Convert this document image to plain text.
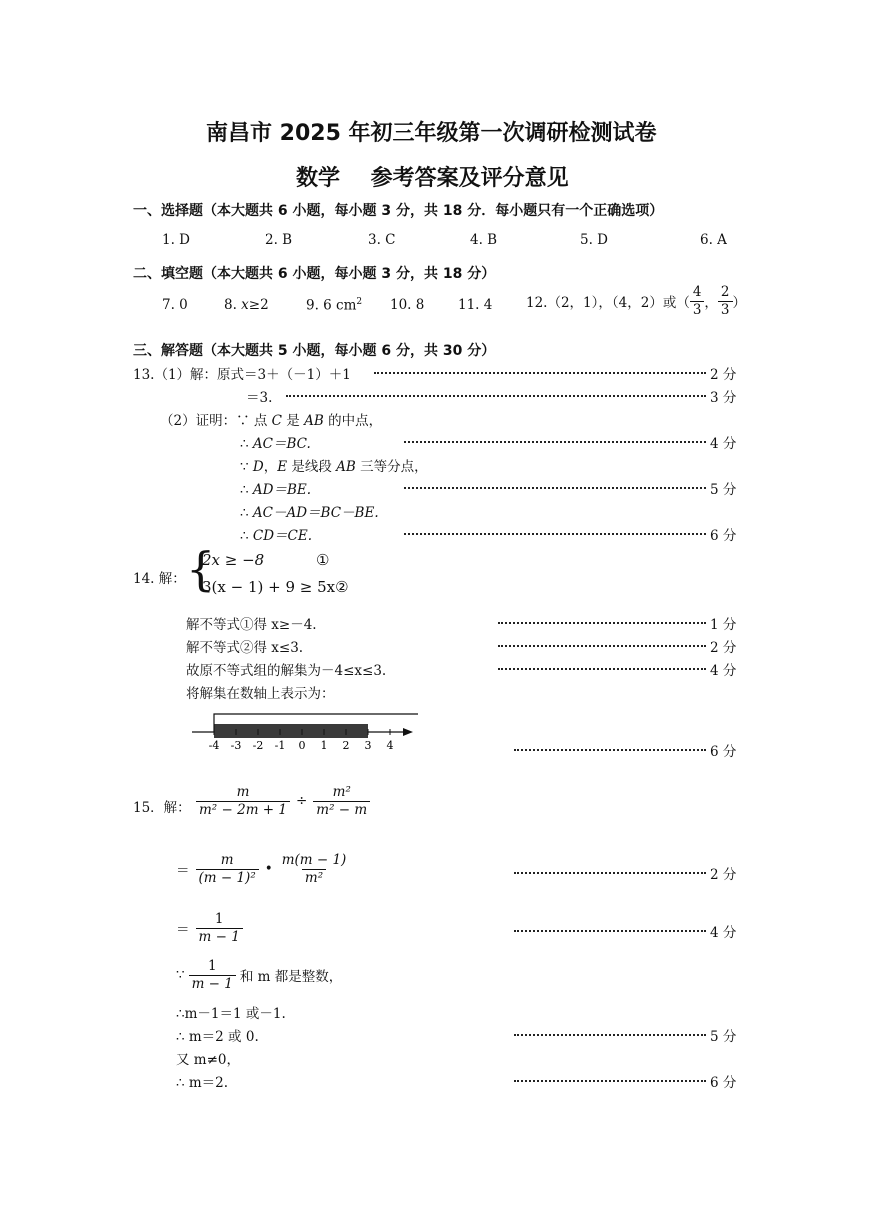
南昌市 2025 年初三年级第一次调研检测试卷
数学    参考答案及评分意见
一、选择题（本大题共 6 小题，每小题 3 分，共 18 分．每小题只有一个正确选项）
1. D	2. B	3. C	4. B	5. D	6. A
二、填空题（本大题共 6 小题，每小题 3 分，共 18 分）
7. 0	8. x≥2	9. 6 $cm^2$ 10. 8 11. 4 12.（2，1），（4，2）或（ $\frac{4}{3}$ ， $\frac{2}{3}$ ）
三、解答题（本大题共 5 小题，每小题 6 分，共 30 分）
13.（1）解：原式＝3＋（－1）＋1	2 分
＝3.	3 分
（2）证明：∵ 点 C 是 AB 的中点，
∴ AC＝BC.	4 分
∵ D，E 是线段 AB 三等分点，
∴ AD＝BE.	5 分
∴ AC－AD＝BC－BE.
∴ CD＝CE.	6 分
14. 解： {
2x ≥ −8	①
3(x − 1) + 9 ≥ 5x②
解不等式①得 x≥－4.	1 分
解不等式②得 x≤3.	2 分
故原不等式组的解集为－4≤x≤3.	4 分
将解集在数轴上表示为：
-4 -3 -2 -1 0 1 2 3 4	6 分
15．解： $\frac{m}{\text{m² − 2m + 1}} \div \frac{\text{m²}}{\text{m² − m}}$
＝ $\frac{m}{\text{(m − 1)²}}$ • $\frac{m(m - 1)}{\text{m²}}$	2 分
＝ $\frac{1}{m - 1}$	4 分
∵ $\frac{1}{m - 1}$ 和 m 都是整数，
∴m－1＝1 或－1.
∴ m＝2 或 0.	5 分
又 m≠0，
∴ m＝2.	6 分
